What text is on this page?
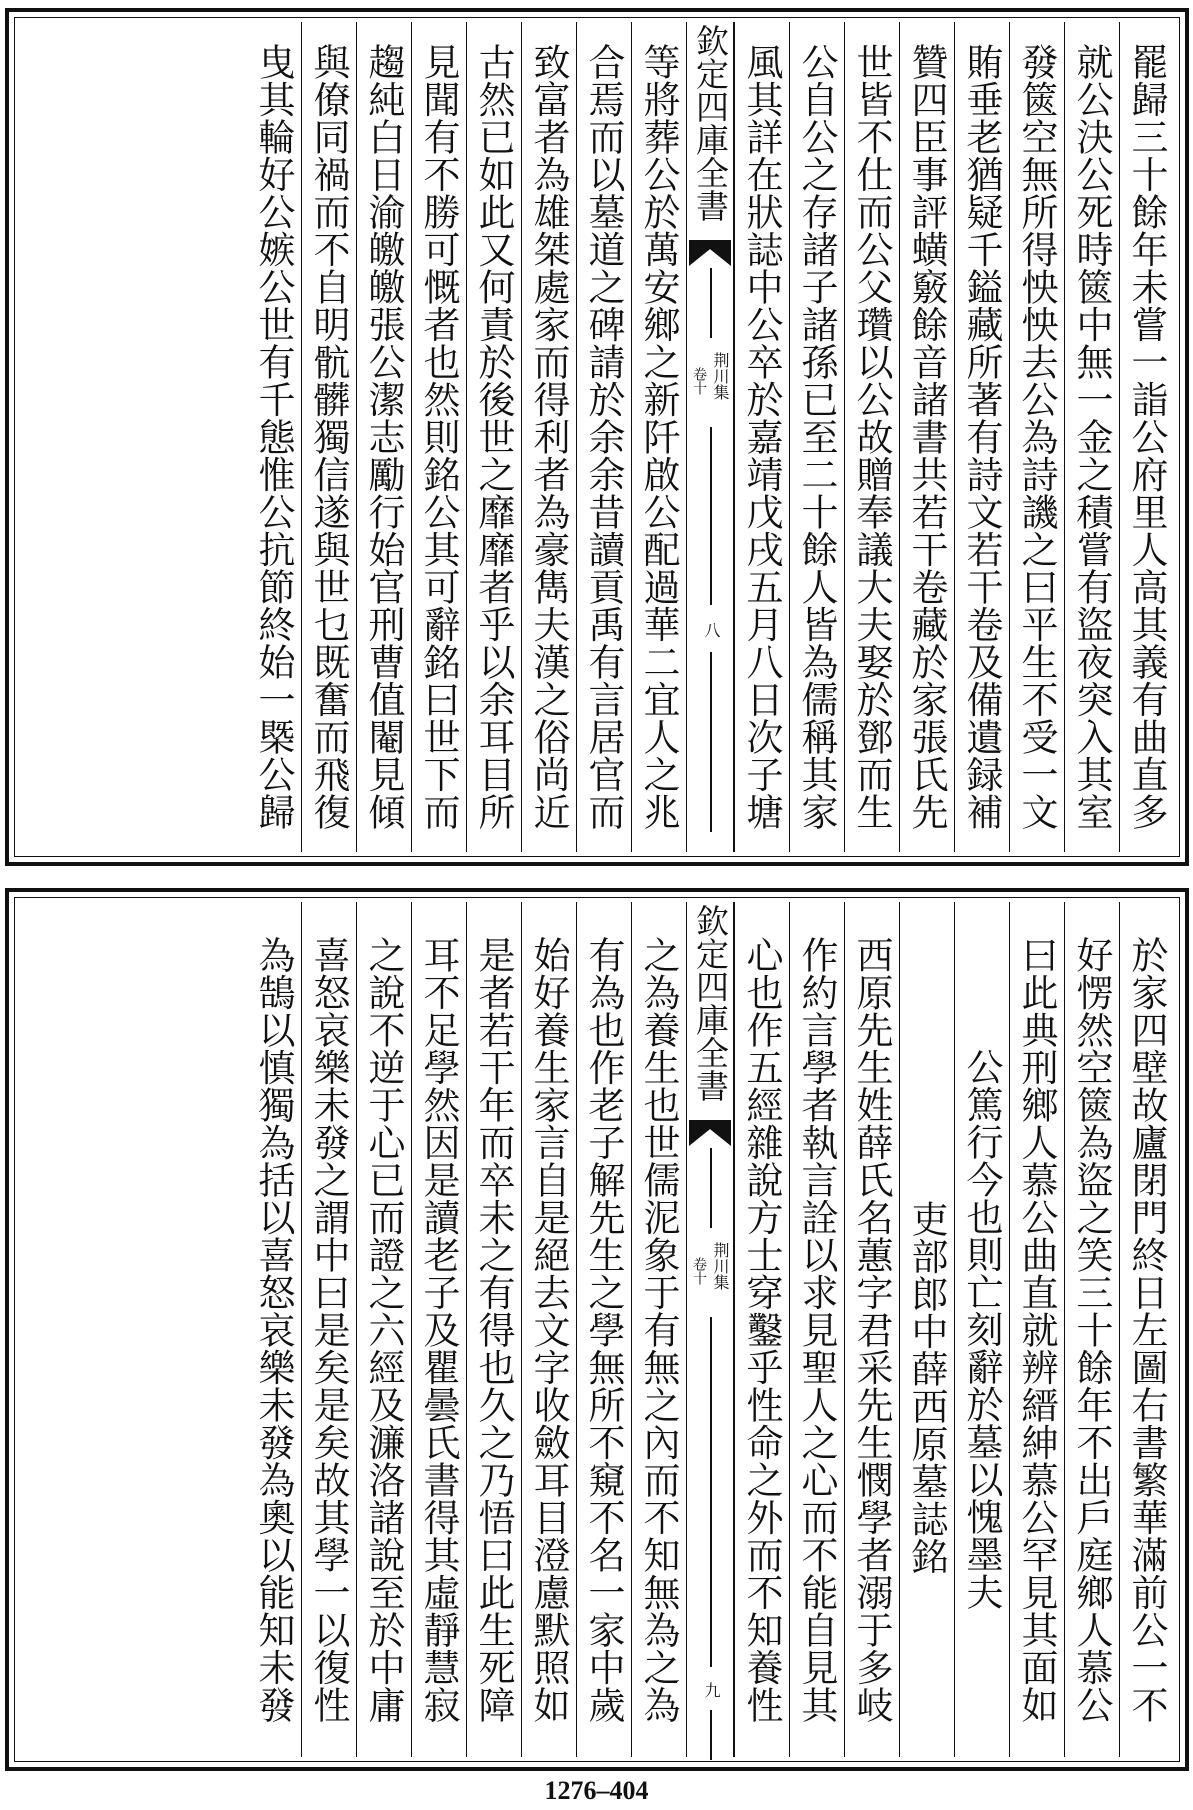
罷歸三十餘年未嘗一詣公府里人高其義有曲直多
就公決公死時篋中無一金之積嘗有盜夜突入其室
發篋空無所得怏怏去公為詩譏之曰平生不受一文
賄垂老猶疑千鎰藏所著有詩文若干卷及備遺録補
贊四臣事評蟥竅餘音諸書共若干卷藏於家張氏先
世皆不仕而公父瓚以公故贈奉議大夫娶於鄧而生
公自公之存諸子諸孫已至二十餘人皆為儒稱其家
風其詳在狀誌中公卒於嘉靖戊戌五月八日次子塘
欽定四庫全書
荆川集
卷十
八
等將葬公於萬安鄉之新阡啟公配過華二宜人之兆
合焉而以墓道之碑請於余余昔讀貢禹有言居官而
致富者為雄桀處家而得利者為豪雋夫漢之俗尚近
古然已如此又何責於後世之靡靡者乎以余耳目所
見聞有不勝可慨者也然則銘公其可辭銘曰世下而
趨純白日渝皦皦張公潔志勵行始官刑曹值閹見傾
與僚同禍而不自明骯髒獨信遂與世乜既奮而飛復
曳其輪好公嫉公世有千態惟公抗節終始一槩公歸
於家四壁故廬閉門終日左圖右書繁華滿前公一不
好愣然空篋為盜之笑三十餘年不出戶庭鄉人慕公
曰此典刑鄉人慕公曲直就辨縉紳慕公罕見其面如
公篤行今也則亡刻辭於墓以愧墨夫
吏部郎中薛西原墓誌銘
西原先生姓薛氏名蕙字君采先生憫學者溺于多岐
作約言學者執言詮以求見聖人之心而不能自見其
心也作五經雜說方士穿鑿乎性命之外而不知養性
欽定四庫全書
荆川集
卷十
九
之為養生也世儒泥象于有無之內而不知無為之為
有為也作老子解先生之學無所不窺不名一家中歲
始好養生家言自是絕去文字收斂耳目澄慮默照如
是者若干年而卒未之有得也久之乃悟曰此生死障
耳不足學然因是讀老子及瞿曇氏書得其虛靜慧寂
之說不逆于心已而證之六經及濂洛諸說至於中庸
喜怒哀樂未發之謂中曰是矣是矣故其學一以復性
為鵠以慎獨為括以喜怒哀樂未發為奧以能知未發
1276–404
